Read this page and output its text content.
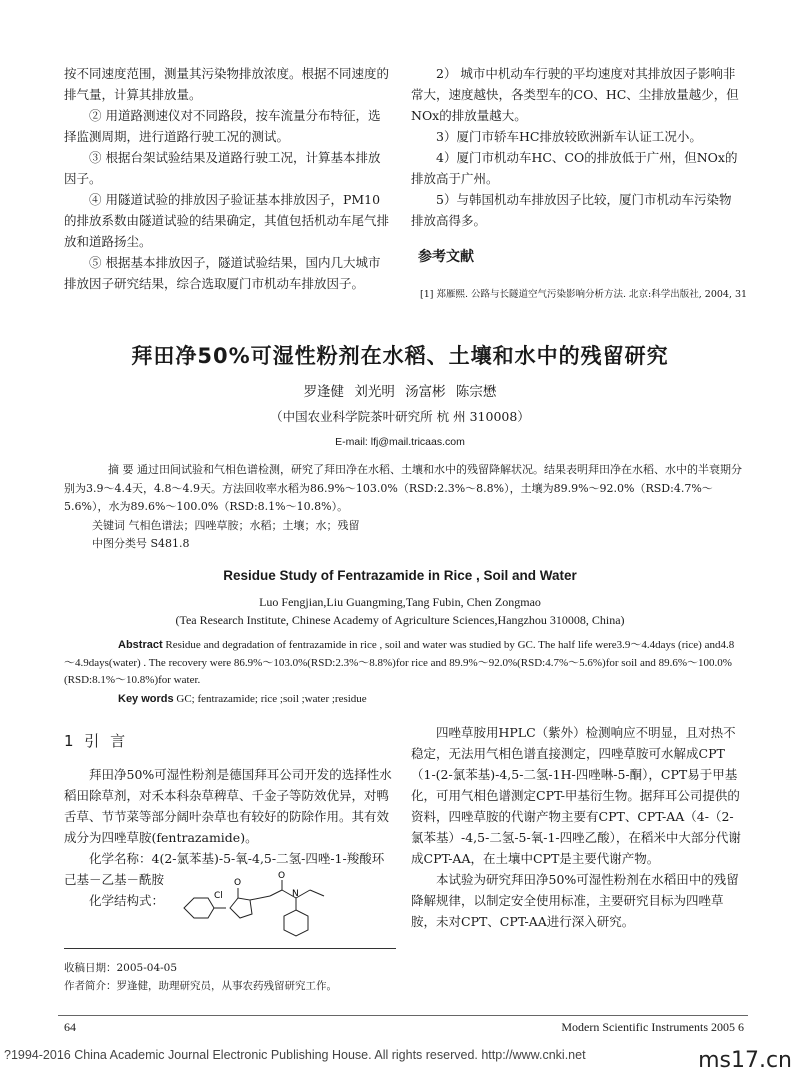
按不同速度范围，测量其污染物排放浓度。根据不同速度的排气量，计算其排放量。

② 用道路测速仪对不同路段，按车流量分布特征，选择监测周期，进行道路行驶工况的测试。

③ 根据台架试验结果及道路行驶工况，计算基本排放因子。

④ 用隧道试验的排放因子验证基本排放因子，PM10 的排放系数由隧道试验的结果确定，其值包括机动车尾气排放和道路扬尘。

⑤ 根据基本排放因子，隧道试验结果，国内几大城市排放因子研究结果，综合选取厦门市机动车排放因子。

2） 城市中机动车行驶的平均速度对其排放因子影响非常大，速度越快，各类型车的CO、HC、尘排放量越少，但NOx的排放量越大。

3）厦门市轿车HC排放较欧洲新车认证工况小。

4）厦门市机动车HC、CO的排放低于广州，但NOx的排放高于广州。

5）与韩国机动车排放因子比较，厦门市机动车污染物排放高得多。

参考文献
[1] 郑雁熙. 公路与长隧道空气污染影响分析方法. 北京:科学出版社, 2004, 31
拜田净50%可湿性粉剂在水稻、土壤和水中的残留研究
罗逢健 刘光明 汤富彬 陈宗懋
（中国农业科学院茶叶研究所 杭 州 310008）
E-mail: lfj@mail.tricaas.com
摘 要 通过田间试验和气相色谱检测，研究了拜田净在水稻、土壤和水中的残留降解状况。结果表明拜田净在水稻、水中的半衰期分别为3.9～4.4天，4.8～4.9天。方法回收率水稻为86.9%～103.0%（RSD:2.3%～8.8%），土壤为89.9%～92.0%（RSD:4.7%～5.6%），水为89.6%～100.0%（RSD:8.1%～10.8%）。
关键词 气相色谱法；四唑草胺；水稻；土壤；水；残留
中图分类号 S481.8
Residue Study of Fentrazamide in Rice , Soil and Water
Luo Fengjian,Liu Guangming,Tang Fubin, Chen Zongmao
(Tea Research Institute, Chinese Academy of Agriculture Sciences,Hangzhou 310008, China)
Abstract Residue and degradation of fentrazamide in rice , soil and water was studied by GC. The half life were3.9～4.4days (rice) and4.8～4.9days(water) . The recovery were 86.9%～103.0%(RSD:2.3%～8.8%)for rice and 89.9%～92.0%(RSD:4.7%～5.6%)for soil and 89.6%～100.0%(RSD:8.1%～10.8%)for water.
Key words GC; fentrazamide; rice ;soil ;water ;residue
1 引 言

拜田净50%可湿性粉剂是德国拜耳公司开发的选择性水稻田除草剂，对禾本科杂草稗草、千金子等防效优异，对鸭舌草、节节菜等部分阔叶杂草也有较好的防除作用。其有效成分为四唑草胺(fentrazamide)。

化学名称：4(2-氯苯基)-5-氧-4,5-二氢-四唑-1-羧酸环己基－乙基－酰胺

化学结构式：	Cl
O
O
N

四唑草胺用HPLC（紫外）检测响应不明显，且对热不稳定，无法用气相色谱直接测定，四唑草胺可水解成CPT（1-(2-氯苯基)-4,5-二氢-1H-四唑啉-5-酮），CPT易于甲基化，可用气相色谱测定CPT-甲基衍生物。据拜耳公司提供的资料，四唑草胺的代谢产物主要有CPT、CPT-AA（4-（2-氯苯基）-4,5-二氢-5-氧-1-四唑乙酸），在稻米中大部分代谢成CPT-AA，在土壤中CPT是主要代谢产物。

本试验为研究拜田净50%可湿性粉剂在水稻田中的残留降解规律，以制定安全使用标准，主要研究目标为四唑草胺，未对CPT、CPT-AA进行深入研究。

收稿日期：2005-04-05
作者简介：罗逢健，助理研究员，从事农药残留研究工作。
64	Modern Scientific Instruments 2005 6
?1994-2016 China Academic Journal Electronic Publishing House. All rights reserved. http://www.cnki.net	ms17.cn
